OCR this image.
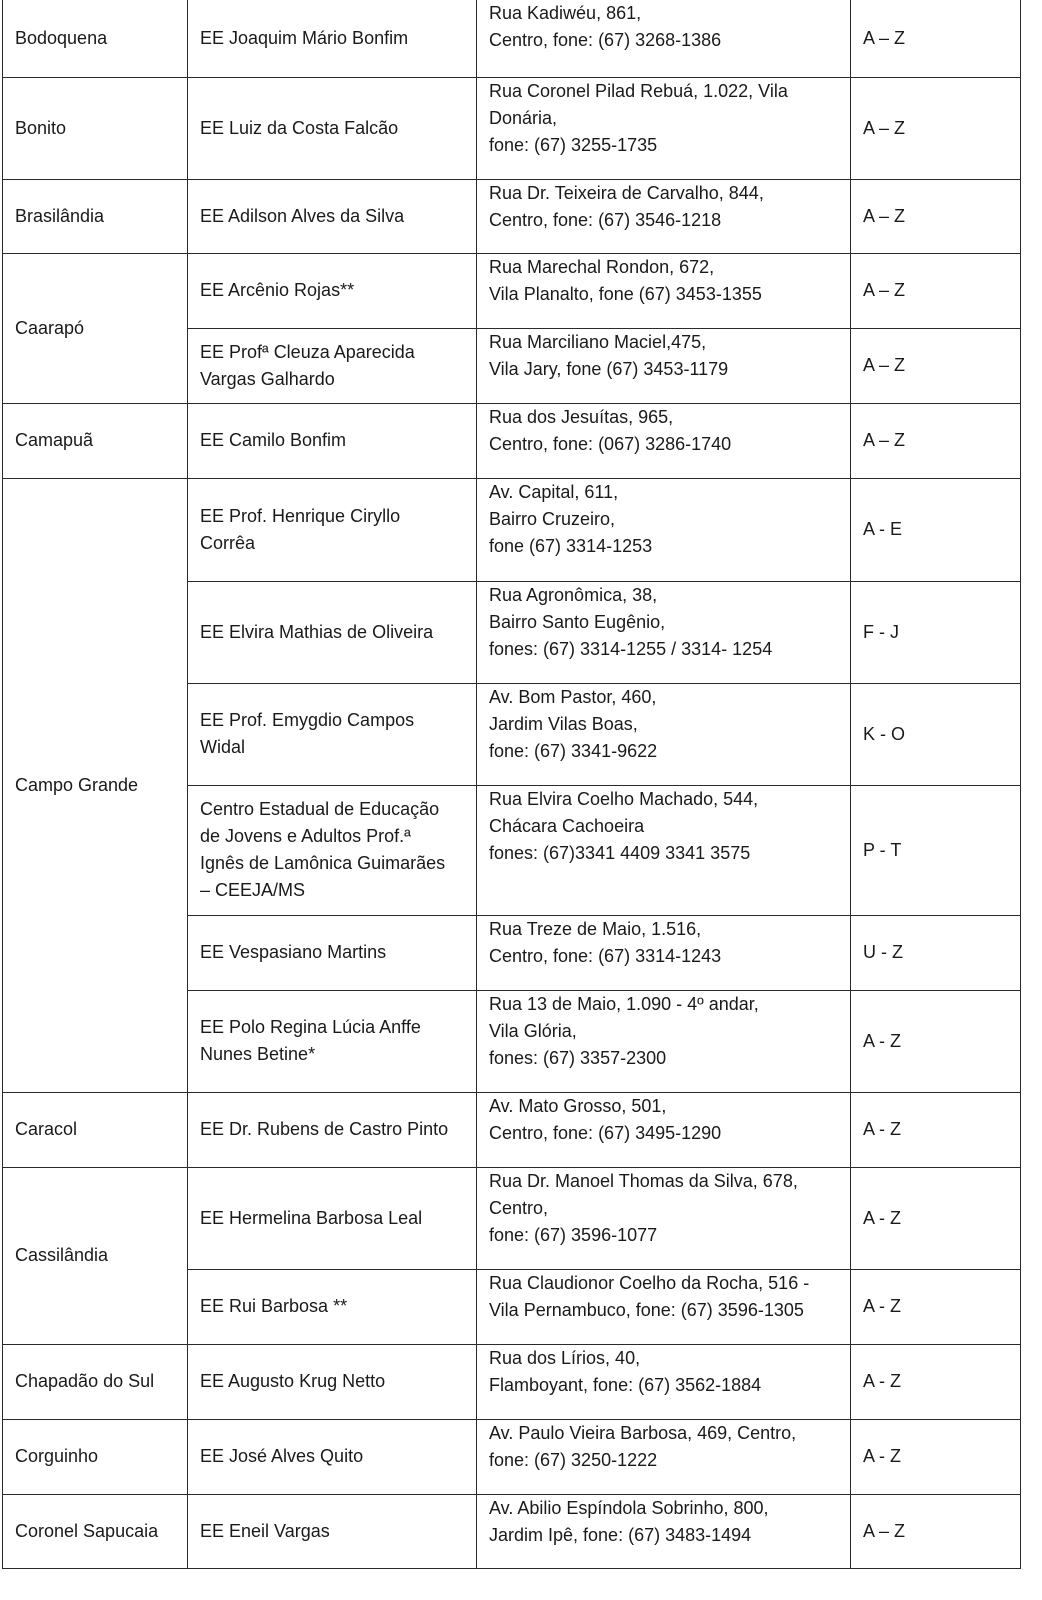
Bodoquena	EE Joaquim Mário Bonfim	Rua Kadiwéu, 861,
Centro, fone: (67) 3268-1386	A – Z
Bonito	EE Luiz da Costa Falcão	Rua Coronel Pilad Rebuá, 1.022, Vila
Donária,
fone: (67) 3255-1735	A – Z
Brasilândia	EE Adilson Alves da Silva	Rua Dr. Teixeira de Carvalho, 844,
Centro, fone: (67) 3546-1218	A – Z
Caarapó	EE Arcênio Rojas**	Rua Marechal Rondon, 672,
Vila Planalto, fone (67) 3453-1355	A – Z

	EE Profª Cleuza Aparecida
Vargas Galhardo	Rua Marciliano Maciel,475,
Vila Jary, fone (67) 3453-1179	A – Z
Camapuã	EE Camilo Bonfim	Rua dos Jesuítas, 965,
Centro, fone: (067) 3286-1740	A – Z
Campo Grande	EE Prof. Henrique Ciryllo
Corrêa	Av. Capital, 611,
Bairro Cruzeiro,
fone (67) 3314-1253	A - E

	EE Elvira Mathias de Oliveira	Rua Agronômica, 38,
Bairro Santo Eugênio,
fones: (67) 3314-1255 / 3314- 1254	F - J

	EE Prof. Emygdio Campos
Widal	Av. Bom Pastor, 460,
Jardim Vilas Boas,
fone: (67) 3341-9622	K - O

	Centro Estadual de Educação
de Jovens e Adultos Prof.ª
Ignês de Lamônica Guimarães
– CEEJA/MS	Rua Elvira Coelho Machado, 544,
Chácara Cachoeira
fones: (67)3341 4409 3341 3575	P - T

	EE Vespasiano Martins	Rua Treze de Maio, 1.516,
Centro, fone: (67) 3314-1243	U - Z

	EE Polo Regina Lúcia Anffe
Nunes Betine*	Rua 13 de Maio, 1.090 - 4º andar,
Vila Glória,
fones: (67) 3357-2300	A - Z
Caracol	EE Dr. Rubens de Castro Pinto	Av. Mato Grosso, 501,
Centro, fone: (67) 3495-1290	A - Z
Cassilândia	EE Hermelina Barbosa Leal	Rua Dr. Manoel Thomas da Silva, 678,
Centro,
fone: (67) 3596-1077	A - Z

	EE Rui Barbosa **	Rua Claudionor Coelho da Rocha, 516 -
Vila Pernambuco, fone: (67) 3596-1305	A - Z
Chapadão do Sul	EE Augusto Krug Netto	Rua dos Lírios, 40,
Flamboyant, fone: (67) 3562-1884	A - Z
Corguinho	EE José Alves Quito	Av. Paulo Vieira Barbosa, 469, Centro,
fone: (67) 3250-1222	A - Z
Coronel Sapucaia	EE Eneil Vargas	Av. Abilio Espíndola Sobrinho, 800,
Jardim Ipê, fone: (67) 3483-1494	A – Z
